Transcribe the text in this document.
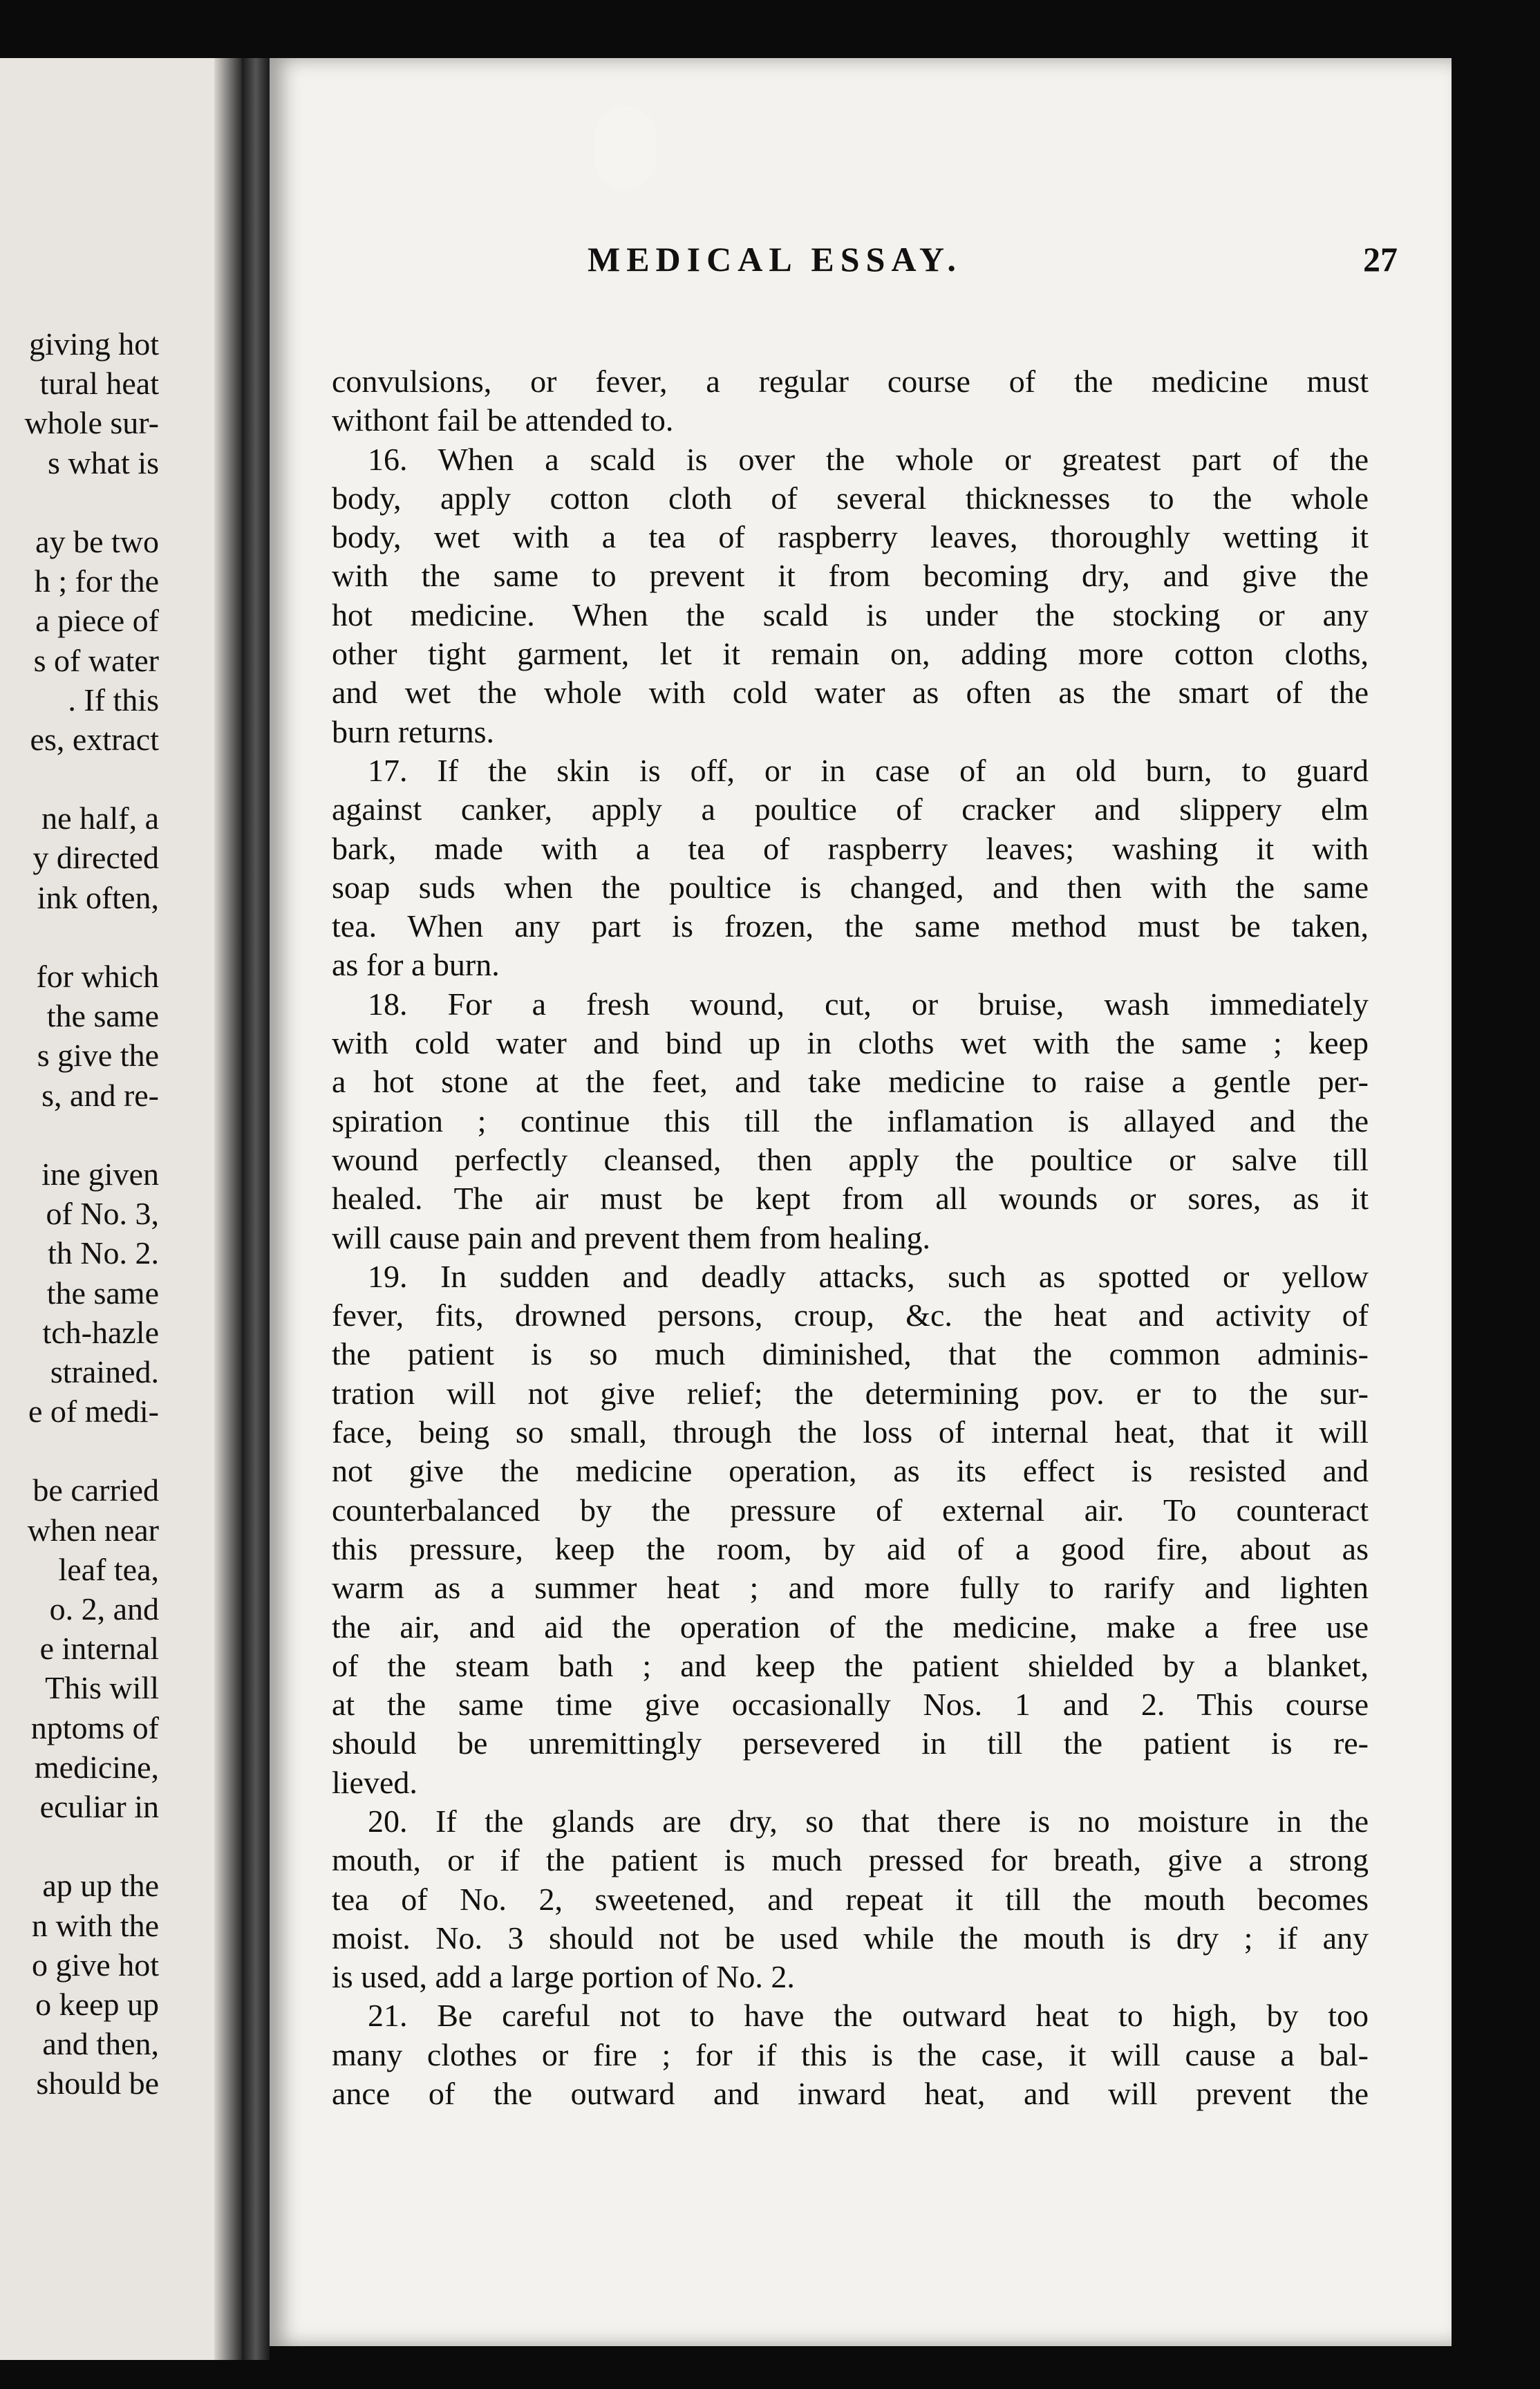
giving hot
tural heat
whole sur-
s what is
ay be two
h ; for the
a piece of
s of water
. If this
es, extract
ne half, a
y directed
ink often,
for which
the same
s give the
s, and re-
ine given
of No. 3,
th No. 2.
the same
tch-hazle
strained.
e of medi-
be carried
when near
leaf tea,
o. 2, and
e internal
This will
nptoms of
medicine,
eculiar in
ap up the
n with the
o give hot
o keep up
and then,
should be
MEDICAL ESSAY.	27
convulsions, or fever, a regular course of the medicine must
withont fail be attended to.
16. When a scald is over the whole or greatest part of the
body, apply cotton cloth of several thicknesses to the whole
body, wet with a tea of raspberry leaves, thoroughly wetting it
with the same to prevent it from becoming dry, and give the
hot medicine. When the scald is under the stocking or any
other tight garment, let it remain on, adding more cotton cloths,
and wet the whole with cold water as often as the smart of the
burn returns.
17. If the skin is off, or in case of an old burn, to guard
against canker, apply a poultice of cracker and slippery elm
bark, made with a tea of raspberry leaves; washing it with
soap suds when the poultice is changed, and then with the same
tea. When any part is frozen, the same method must be taken,
as for a burn.
18. For a fresh wound, cut, or bruise, wash immediately
with cold water and bind up in cloths wet with the same ; keep
a hot stone at the feet, and take medicine to raise a gentle per-
spiration ; continue this till the inflamation is allayed and the
wound perfectly cleansed, then apply the poultice or salve till
healed. The air must be kept from all wounds or sores, as it
will cause pain and prevent them from healing.
19. In sudden and deadly attacks, such as spotted or yellow
fever, fits, drowned persons, croup, &c. the heat and activity of
the patient is so much diminished, that the common adminis-
tration will not give relief; the determining pov. er to the sur-
face, being so small, through the loss of internal heat, that it will
not give the medicine operation, as its effect is resisted and
counterbalanced by the pressure of external air. To counteract
this pressure, keep the room, by aid of a good fire, about as
warm as a summer heat ; and more fully to rarify and lighten
the air, and aid the operation of the medicine, make a free use
of the steam bath ; and keep the patient shielded by a blanket,
at the same time give occasionally Nos. 1 and 2. This course
should be unremittingly persevered in till the patient is re-
lieved.
20. If the glands are dry, so that there is no moisture in the
mouth, or if the patient is much pressed for breath, give a strong
tea of No. 2, sweetened, and repeat it till the mouth becomes
moist. No. 3 should not be used while the mouth is dry ; if any
is used, add a large portion of No. 2.
21. Be careful not to have the outward heat to high, by too
many clothes or fire ; for if this is the case, it will cause a bal-
ance of the outward and inward heat, and will prevent the
